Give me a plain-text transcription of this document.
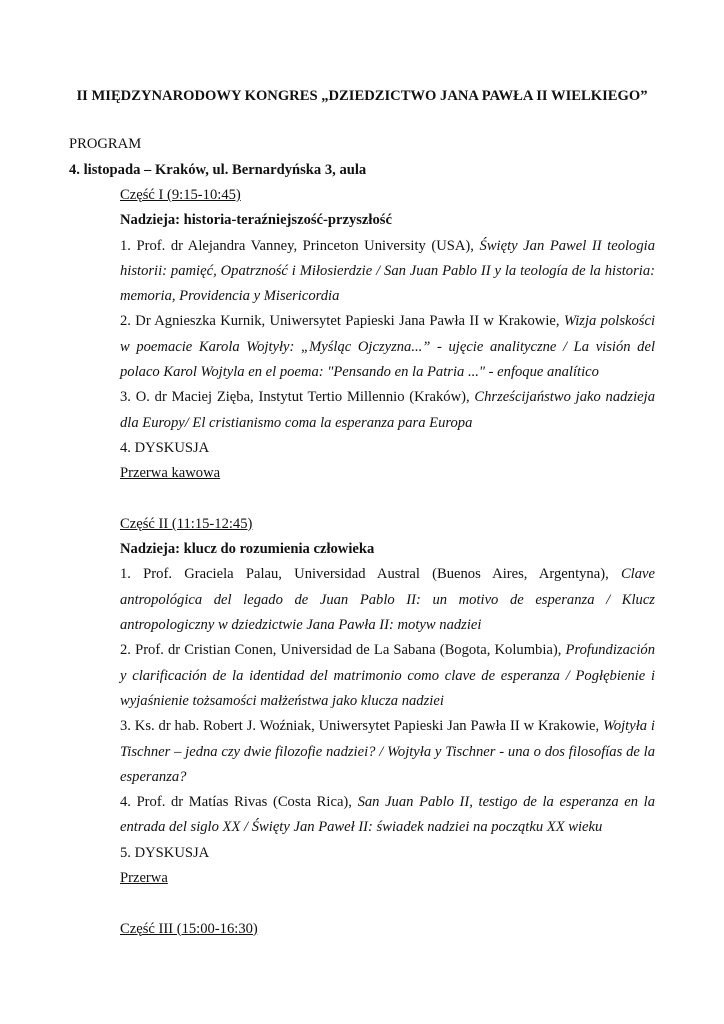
II MIĘDZYNARODOWY KONGRES „DZIEDZICTWO JANA PAWŁA II WIELKIEGO”
PROGRAM
4. listopada – Kraków, ul. Bernardyńska 3, aula
Część I (9:15-10:45)
Nadzieja: historia-teraźniejszość-przyszłość
1. Prof. dr Alejandra Vanney, Princeton University (USA), Święty Jan Pawel II teologia historii: pamięć, Opatrzność i Miłosierdzie / San Juan Pablo II y la teología de la historia: memoria, Providencia y Misericordia
2. Dr Agnieszka Kurnik, Uniwersytet Papieski Jana Pawła II w Krakowie, Wizja polskości w poemacie Karola Wojtyły: „Myśląc Ojczyzna...” - ujęcie analityczne / La visión del polaco Karol Wojtyla en el poema: "Pensando en la Patria ..." - enfoque analítico
3. O. dr Maciej Zięba, Instytut Tertio Millennio (Kraków), Chrześcijaństwo jako nadzieja dla Europy/ El cristianismo coma la esperanza para Europa
4. DYSKUSJA
Przerwa kawowa
Część II (11:15-12:45)
Nadzieja: klucz do rozumienia człowieka
1. Prof. Graciela Palau, Universidad Austral (Buenos Aires, Argentyna), Clave antropológica del legado de Juan Pablo II: un motivo de esperanza / Klucz antropologiczny w dziedzictwie Jana Pawła II: motyw nadziei
2. Prof. dr Cristian Conen, Universidad de La Sabana (Bogota, Kolumbia), Profundización y clarificación de la identidad del matrimonio como clave de esperanza / Pogłębienie i wyjaśnienie tożsamości małżeństwa jako klucza nadziei
3. Ks. dr hab. Robert J. Woźniak, Uniwersytet Papieski Jan Pawła II w Krakowie, Wojtyła i Tischner – jedna czy dwie filozofie nadziei? / Wojtyła y Tischner - una o dos filosofías de la esperanza?
4. Prof. dr Matías Rivas (Costa Rica), San Juan Pablo II, testigo de la esperanza en la entrada del siglo XX / Święty Jan Paweł II: świadek nadziei na początku XX wieku
5. DYSKUSJA
Przerwa
Część III (15:00-16:30)
